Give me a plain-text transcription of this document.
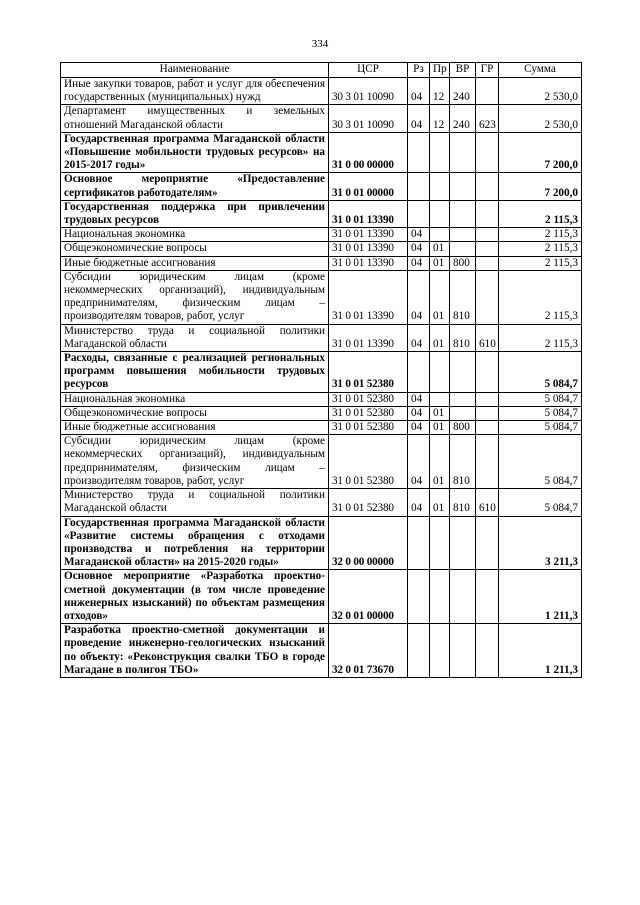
334
Наименование	ЦСР	Рз	Пр	ВР	ГР	Сумма
Иные закупки товаров, работ и услуг для обеспечения государственных (муниципальных) нужд	30 3 01 10090	04	12	240		2 530,0
Департамент имущественных и земельных отношений Магаданской области	30 3 01 10090	04	12	240	623	2 530,0
Государственная программа Магаданской области «Повышение мобильности трудовых ресурсов» на 2015-2017 годы»	31 0 00 00000					7 200,0
Основное мероприятие «Предоставление сертификатов работодателям»	31 0 01 00000					7 200,0
Государственная поддержка при привлечении трудовых ресурсов	31 0 01 13390					2 115,3
Национальная экономика	31 0 01 13390	04				2 115,3
Общеэкономические вопросы	31 0 01 13390	04	01			2 115,3
Иные бюджетные ассигнования	31 0 01 13390	04	01	800		2 115,3
Субсидии юридическим лицам (кроме некоммерческих организаций), индивидуальным предпринимателям, физическим лицам – производителям товаров, работ, услуг	31 0 01 13390	04	01	810		2 115,3
Министерство труда и социальной политики Магаданской области	31 0 01 13390	04	01	810	610	2 115,3
Расходы, связанные с реализацией региональных программ повышения мобильности трудовых ресурсов	31 0 01 52380					5 084,7
Национальная экономика	31 0 01 52380	04				5 084,7
Общеэкономические вопросы	31 0 01 52380	04	01			5 084,7
Иные бюджетные ассигнования	31 0 01 52380	04	01	800		5 084,7
Субсидии юридическим лицам (кроме некоммерческих организаций), индивидуальным предпринимателям, физическим лицам – производителям товаров, работ, услуг	31 0 01 52380	04	01	810		5 084,7
Министерство труда и социальной политики Магаданской области	31 0 01 52380	04	01	810	610	5 084,7
Государственная программа Магаданской области «Развитие системы обращения с отходами производства и потребления на территории Магаданской области» на 2015-2020 годы»	32 0 00 00000					3 211,3
Основное мероприятие «Разработка проектно-сметной документации (в том числе проведение инженерных изысканий) по объектам размещения отходов»	32 0 01 00000					1 211,3
Разработка проектно-сметной документации и проведение инженерно-геологических изысканий по объекту: «Реконструкция свалки ТБО в городе Магадане в полигон ТБО»	32 0 01 73670					1 211,3
